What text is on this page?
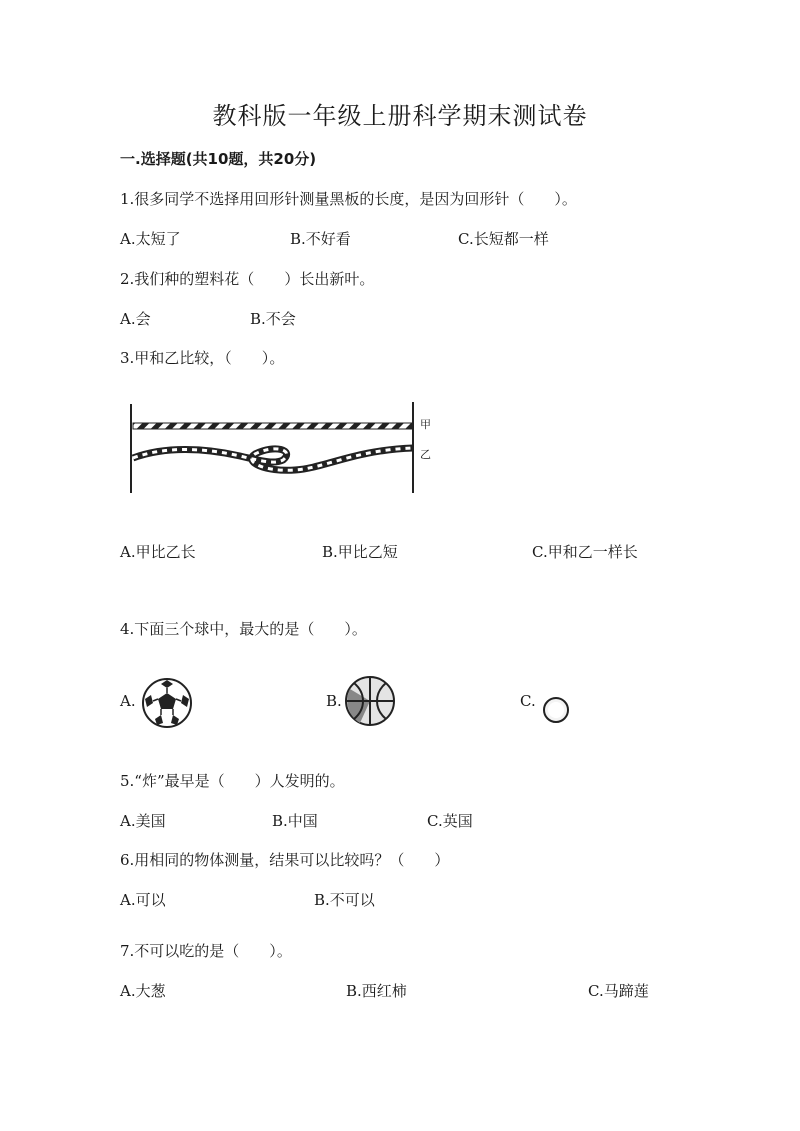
教科版一年级上册科学期末测试卷
一.选择题(共10题，共20分)
1.很多同学不选择用回形针测量黑板的长度，是因为回形针（　　）。
A.太短了	B.不好看	C.长短都一样
2.我们种的塑料花（　　）长出新叶。
A.会	B.不会
3.甲和乙比较，（　　）。
甲
乙
A.甲比乙长	B.甲比乙短	C.甲和乙一样长
4.下面三个球中，最大的是（　　）。
A.	B.	C.
5.“炸”最早是（　　）人发明的。
A.美国	B.中国	C.英国
6.用相同的物体测量，结果可以比较吗？（　　）
A.可以	B.不可以
7.不可以吃的是（　　）。
A.大葱	B.西红柿	C.马蹄莲
